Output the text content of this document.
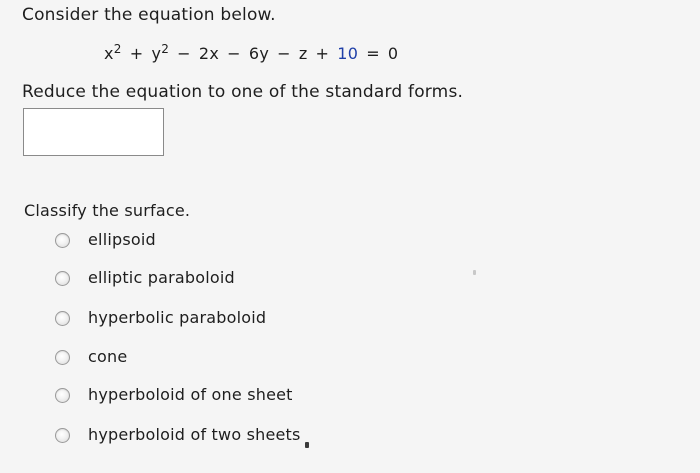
Consider the equation below.
$x^2 + y^2 - 2x - 6y - z + 10 = 0$
Reduce the equation to one of the standard forms.
Classify the surface.
ellipsoid
elliptic paraboloid
hyperbolic paraboloid
cone
hyperboloid of one sheet
hyperboloid of two sheets
